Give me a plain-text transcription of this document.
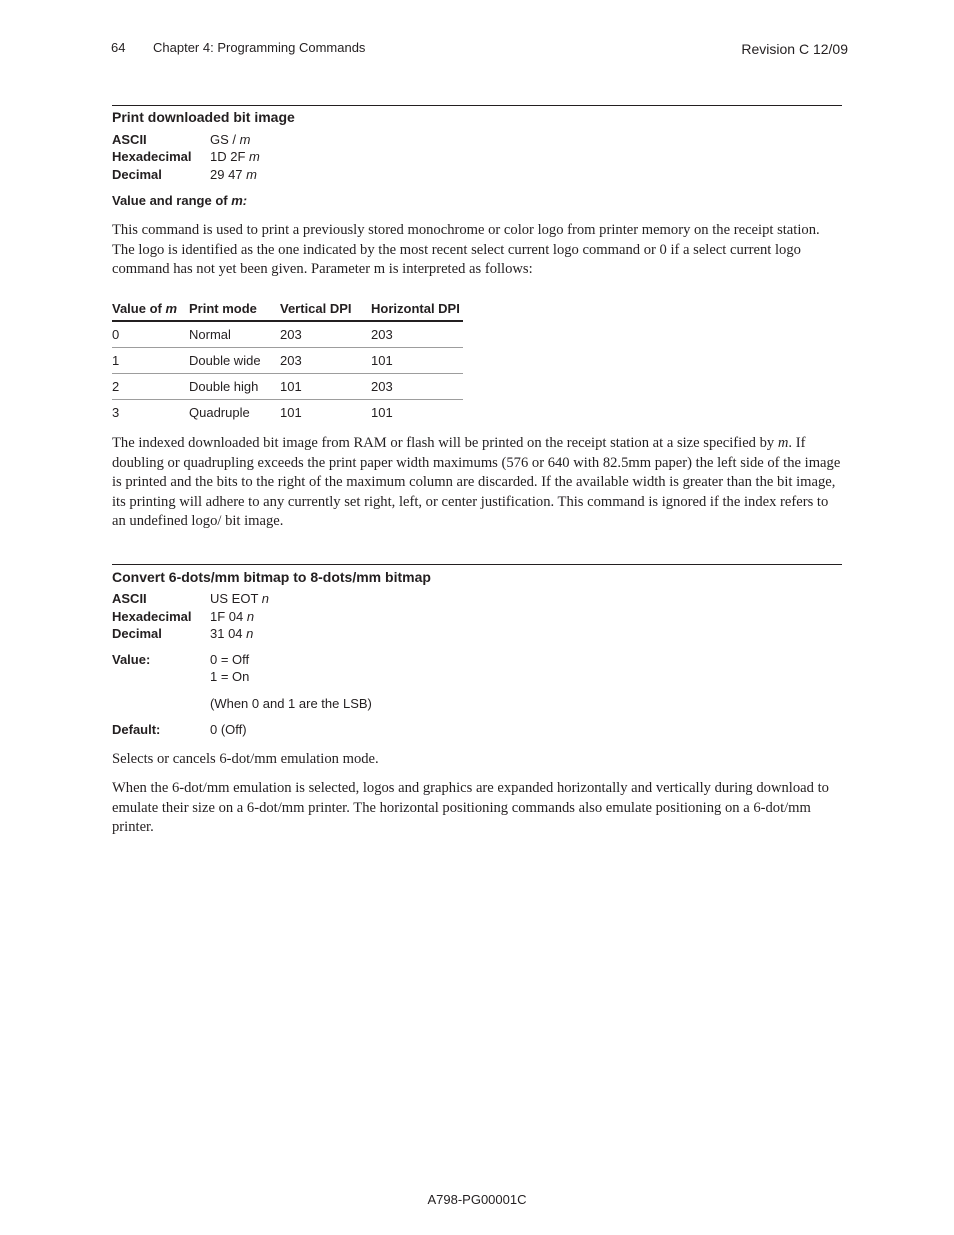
64 Chapter 4: Programming Commands	Revision C 12/09
Print downloaded bit image
ASCII	GS / m
Hexadecimal 1D 2F m
Decimal	29 47 m
Value and range of m:
This command is used to print a previously stored monochrome or color logo from printer memory on the receipt station. The logo is identified as the one indicated by the most recent select current logo command or 0 if a select current logo command has not yet been given. Parameter m is interpreted as follows:
Value of m	Print mode	Vertical DPI	Horizontal DPI
0	Normal	203	203
1	Double wide	203	101
2	Double high	101	203
3	Quadruple	101	101
The indexed downloaded bit image from RAM or flash will be printed on the receipt station at a size specified by m. If doubling or quadrupling exceeds the print paper width maximums (576 or 640 with 82.5mm paper) the left side of the image is printed and the bits to the right of the maximum column are discarded. If the available width is greater than the bit image, its printing will adhere to any currently set right, left, or center justification. This command is ignored if the index refers to an undefined logo/ bit image.
Convert 6-dots/mm bitmap to 8-dots/mm bitmap
ASCII	US EOT n
Hexadecimal 1F 04 n
Decimal	31 04 n
Value:	0 = Off
1 = On
(When 0 and 1 are the LSB)
Default:	0 (Off)
Selects or cancels 6-dot/mm emulation mode.
When the 6-dot/mm emulation is selected, logos and graphics are expanded horizontally and vertically during download to emulate their size on a 6-dot/mm printer. The horizontal positioning commands also emulate positioning on a 6-dot/mm printer.
A798-PG00001C
